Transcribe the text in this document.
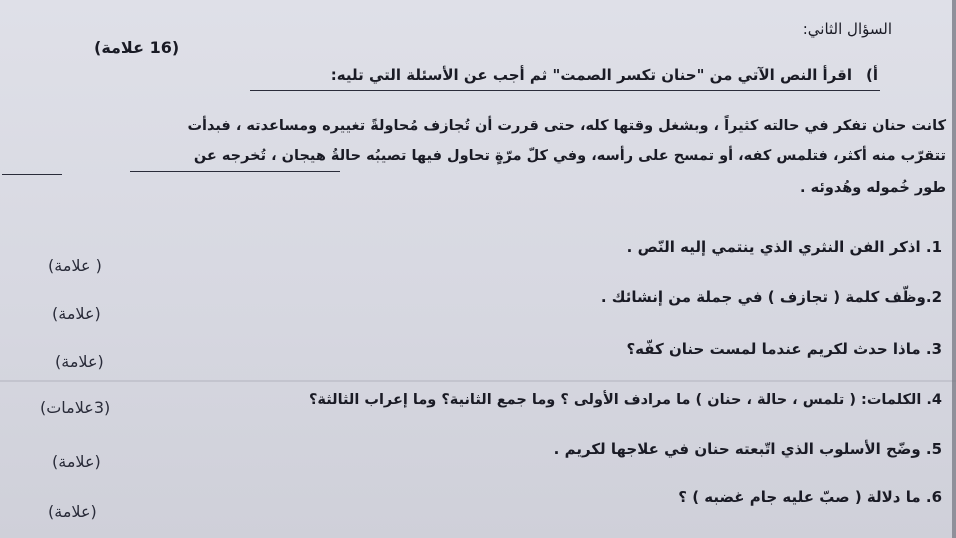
السؤال الثاني:
(16 علامة)
أ)
اقرأ النص الآتي من "حنان تكسر الصمت" ثم أجب عن الأسئلة التي تليه:
كانت حنان تفكر في حالته كثيراً ، وبشغل وقتها كله، حتى قررت أن تُجازف مُحاولةً تغييره ومساعدته ، فبدأت
تتقرّب منه أكثر، فتلمس كفه، أو تمسح على رأسه، وفي كلّ مرّةٍ تحاول فيها تصيبُه حالةُ هيجان ، تُخرجه عن
طور خُموله وهُدوئه .
1. اذكر الفن النثري الذي ينتمي إليه النّص .
( علامة)
2.وظّف كلمة ( تجازف ) في جملة من إنشائك .
(علامة)
3. ماذا حدث لكريم عندما لمست حنان كفّه؟
(علامة)
4. الكلمات: ( تلمس ، حالة ، حنان ) ما مرادف الأولى ؟ وما جمع الثانية؟ وما إعراب الثالثة؟
(3علامات)
5. وضّح الأسلوب الذي اتّبعته حنان في علاجها لكريم .
(علامة)
6. ما دلالة ( صبّ عليه جام غضبه ) ؟
(علامة)
